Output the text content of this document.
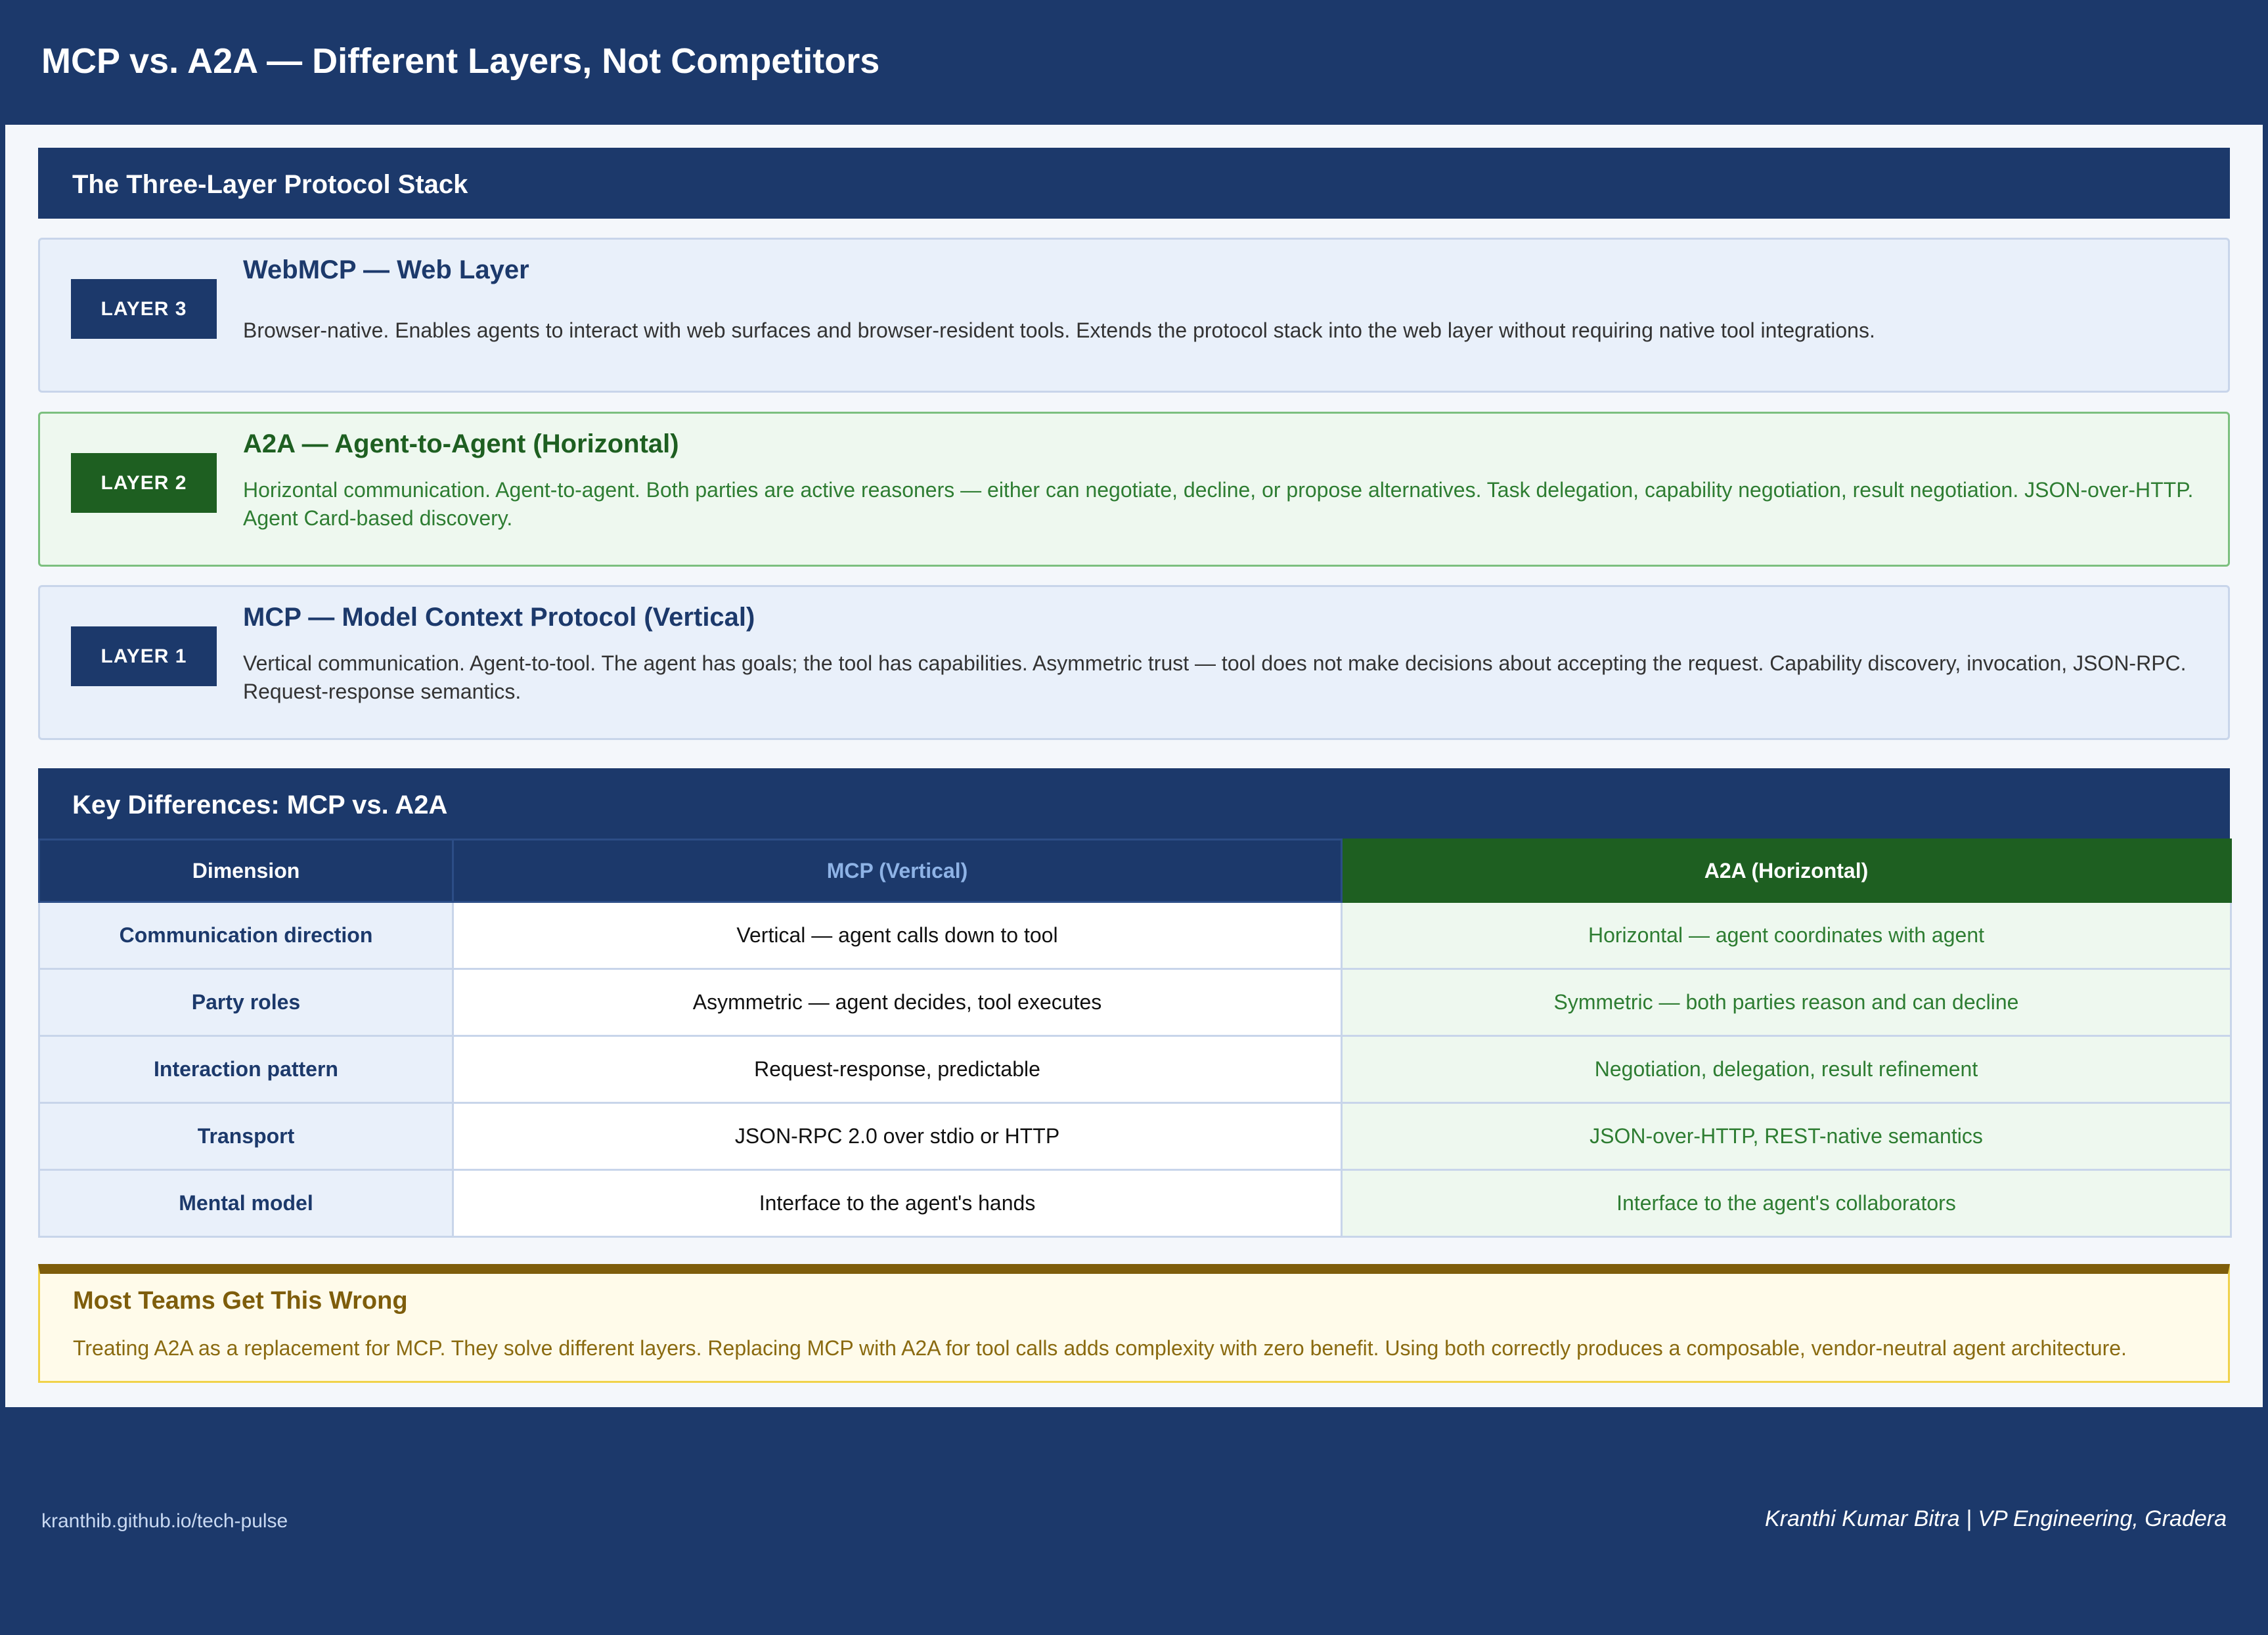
MCP vs. A2A — Different Layers, Not Competitors
The Three-Layer Protocol Stack
LAYER 3
WebMCP — Web Layer
Browser-native. Enables agents to interact with web surfaces and browser-resident tools. Extends the protocol stack into the web layer without requiring native tool integrations.
LAYER 2
A2A — Agent-to-Agent (Horizontal)
Horizontal communication. Agent-to-agent. Both parties are active reasoners — either can negotiate, decline, or propose alternatives. Task delegation, capability negotiation, result negotiation. JSON-over-HTTP. Agent Card-based discovery.
LAYER 1
MCP — Model Context Protocol (Vertical)
Vertical communication. Agent-to-tool. The agent has goals; the tool has capabilities. Asymmetric trust — tool does not make decisions about accepting the request. Capability discovery, invocation, JSON-RPC. Request-response semantics.
Key Differences: MCP vs. A2A
Dimension	MCP (Vertical)	A2A (Horizontal)
Communication direction	Vertical — agent calls down to tool	Horizontal — agent coordinates with agent
Party roles	Asymmetric — agent decides, tool executes	Symmetric — both parties reason and can decline
Interaction pattern	Request-response, predictable	Negotiation, delegation, result refinement
Transport	JSON-RPC 2.0 over stdio or HTTP	JSON-over-HTTP, REST-native semantics
Mental model	Interface to the agent's hands	Interface to the agent's collaborators
Most Teams Get This Wrong
Treating A2A as a replacement for MCP. They solve different layers. Replacing MCP with A2A for tool calls adds complexity with zero benefit. Using both correctly produces a composable, vendor-neutral agent architecture.
kranthib.github.io/tech-pulse	Kranthi Kumar Bitra | VP Engineering, Gradera
